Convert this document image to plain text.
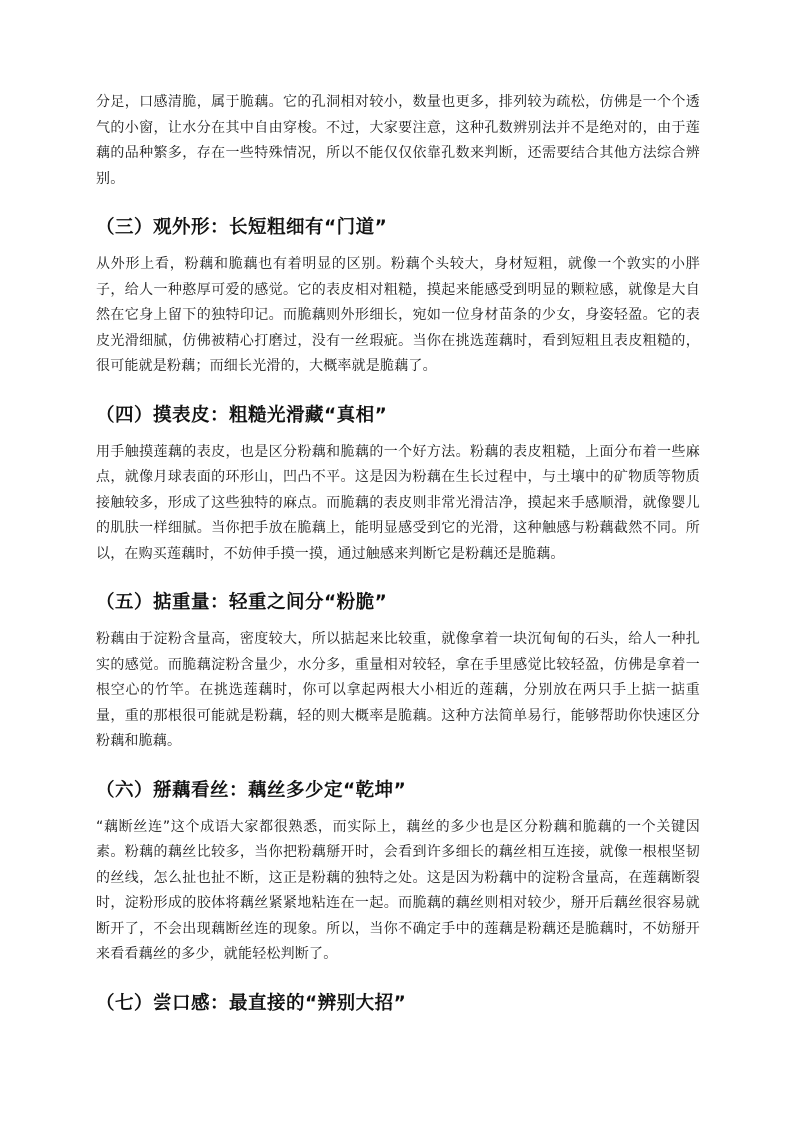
分足，口感清脆，属于脆藕。它的孔洞相对较小，数量也更多，排列较为疏松，仿佛是一个个透气的小窗，让水分在其中自由穿梭。不过，大家要注意，这种孔数辨别法并不是绝对的，由于莲藕的品种繁多，存在一些特殊情况，所以不能仅仅依靠孔数来判断，还需要结合其他方法综合辨别。

（三）观外形：长短粗细有“门道”

从外形上看，粉藕和脆藕也有着明显的区别。粉藕个头较大，身材短粗，就像一个敦实的小胖子，给人一种憨厚可爱的感觉。它的表皮相对粗糙，摸起来能感受到明显的颗粒感，就像是大自然在它身上留下的独特印记。而脆藕则外形细长，宛如一位身材苗条的少女，身姿轻盈。它的表皮光滑细腻，仿佛被精心打磨过，没有一丝瑕疵。当你在挑选莲藕时，看到短粗且表皮粗糙的，很可能就是粉藕；而细长光滑的，大概率就是脆藕了。

（四）摸表皮：粗糙光滑藏“真相”

用手触摸莲藕的表皮，也是区分粉藕和脆藕的一个好方法。粉藕的表皮粗糙，上面分布着一些麻点，就像月球表面的环形山，凹凸不平。这是因为粉藕在生长过程中，与土壤中的矿物质等物质接触较多，形成了这些独特的麻点。而脆藕的表皮则非常光滑洁净，摸起来手感顺滑，就像婴儿的肌肤一样细腻。当你把手放在脆藕上，能明显感受到它的光滑，这种触感与粉藕截然不同。所以，在购买莲藕时，不妨伸手摸一摸，通过触感来判断它是粉藕还是脆藕。

（五）掂重量：轻重之间分“粉脆”

粉藕由于淀粉含量高，密度较大，所以掂起来比较重，就像拿着一块沉甸甸的石头，给人一种扎实的感觉。而脆藕淀粉含量少，水分多，重量相对较轻，拿在手里感觉比较轻盈，仿佛是拿着一根空心的竹竿。在挑选莲藕时，你可以拿起两根大小相近的莲藕，分别放在两只手上掂一掂重量，重的那根很可能就是粉藕，轻的则大概率是脆藕。这种方法简单易行，能够帮助你快速区分粉藕和脆藕。

（六）掰藕看丝：藕丝多少定“乾坤”

“藕断丝连”这个成语大家都很熟悉，而实际上，藕丝的多少也是区分粉藕和脆藕的一个关键因素。粉藕的藕丝比较多，当你把粉藕掰开时，会看到许多细长的藕丝相互连接，就像一根根坚韧的丝线，怎么扯也扯不断，这正是粉藕的独特之处。这是因为粉藕中的淀粉含量高，在莲藕断裂时，淀粉形成的胶体将藕丝紧紧地粘连在一起。而脆藕的藕丝则相对较少，掰开后藕丝很容易就断开了，不会出现藕断丝连的现象。所以，当你不确定手中的莲藕是粉藕还是脆藕时，不妨掰开来看看藕丝的多少，就能轻松判断了。

（七）尝口感：最直接的“辨别大招”
